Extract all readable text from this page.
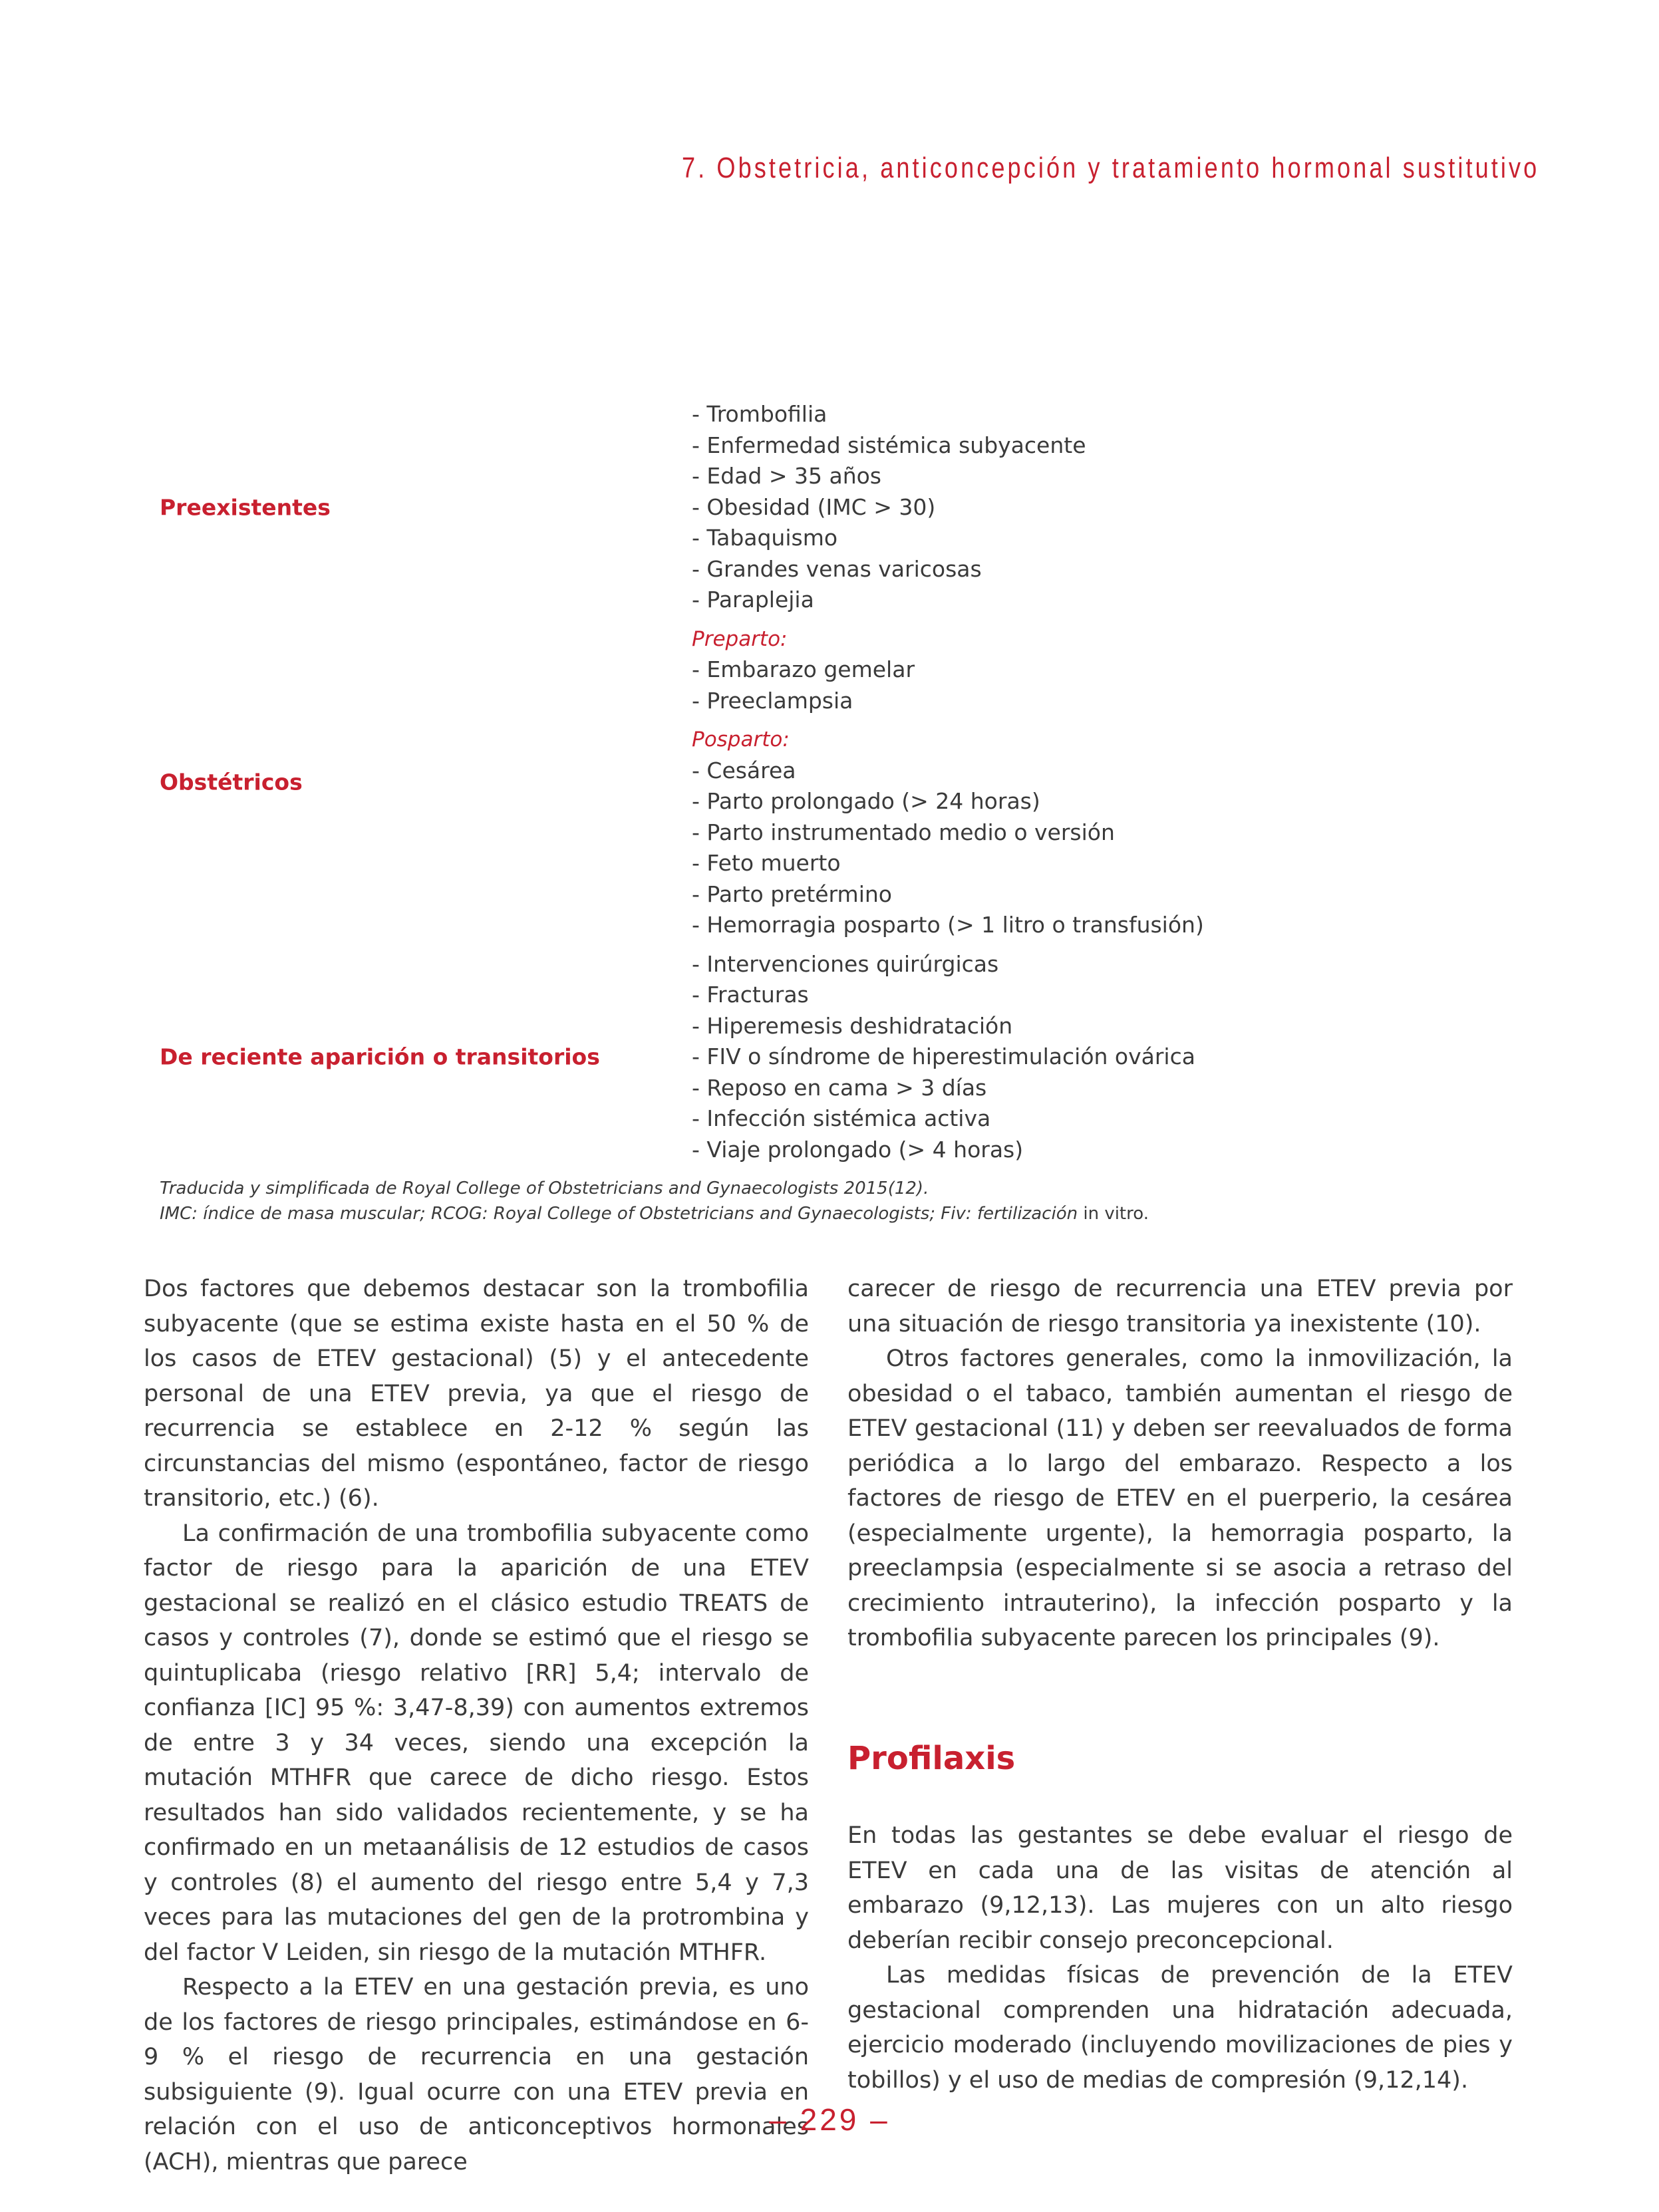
7. Obstetricia, anticoncepción y tratamiento hormonal sustitutivo
Preexistentes
- Trombofilia
- Enfermedad sistémica subyacente
- Edad > 35 años
- Obesidad (IMC > 30)
- Tabaquismo
- Grandes venas varicosas
- Paraplejia
Obstétricos
Preparto:
- Embarazo gemelar
- Preeclampsia
Posparto:
- Cesárea
- Parto prolongado (> 24 horas)
- Parto instrumentado medio o versión
- Feto muerto
- Parto pretérmino
- Hemorragia posparto (> 1 litro o transfusión)
De reciente aparición o transitorios
- Intervenciones quirúrgicas
- Fracturas
- Hiperemesis deshidratación
- FIV o síndrome de hiperestimulación ovárica
- Reposo en cama > 3 días
- Infección sistémica activa
- Viaje prolongado (> 4 horas)
Traducida y simplificada de Royal College of Obstetricians and Gynaecologists 2015(12).
IMC: índice de masa muscular; RCOG: Royal College of Obstetricians and Gynaecologists; Fiv: fertilización in vitro.

Dos factores que debemos destacar son la trombofilia subyacente (que se estima existe hasta en el 50 % de los casos de ETEV gestacional) (5) y el antecedente personal de una ETEV previa, ya que el riesgo de recurrencia se establece en 2-12 % según las circunstancias del mismo (espontáneo, factor de riesgo transitorio, etc.) (6).

La confirmación de una trombofilia subyacente como factor de riesgo para la aparición de una ETEV gestacional se realizó en el clásico estudio TREATS de casos y controles (7), donde se estimó que el riesgo se quintuplicaba (riesgo relativo [RR] 5,4; intervalo de confianza [IC] 95 %: 3,47-8,39) con aumentos extremos de entre 3 y 34 veces, siendo una excepción la mutación MTHFR que carece de dicho riesgo. Estos resultados han sido validados recientemente, y se ha confirmado en un metaanálisis de 12 estudios de casos y controles (8) el aumento del riesgo entre 5,4 y 7,3 veces para las mutaciones del gen de la protrombina y del factor V Leiden, sin riesgo de la mutación MTHFR.

Respecto a la ETEV en una gestación previa, es uno de los factores de riesgo principales, estimándose en 6-9 % el riesgo de recurrencia en una gestación subsiguiente (9). Igual ocurre con una ETEV previa en relación con el uso de anticonceptivos hormonales (ACH), mientras que parece

carecer de riesgo de recurrencia una ETEV previa por una situación de riesgo transitoria ya inexistente (10).

Otros factores generales, como la inmovilización, la obesidad o el tabaco, también aumentan el riesgo de ETEV gestacional (11) y deben ser reevaluados de forma periódica a lo largo del embarazo. Respecto a los factores de riesgo de ETEV en el puerperio, la cesárea (especialmente urgente), la hemorragia posparto, la preeclampsia (especialmente si se asocia a retraso del crecimiento intrauterino), la infección posparto y la trombofilia subyacente parecen los principales (9).

Profilaxis

En todas las gestantes se debe evaluar el riesgo de ETEV en cada una de las visitas de atención al embarazo (9,12,13). Las mujeres con un alto riesgo deberían recibir consejo preconcepcional.

Las medidas físicas de prevención de la ETEV gestacional comprenden una hidratación adecuada, ejercicio moderado (incluyendo movilizaciones de pies y tobillos) y el uso de medias de compresión (9,12,14).

– 229 –
